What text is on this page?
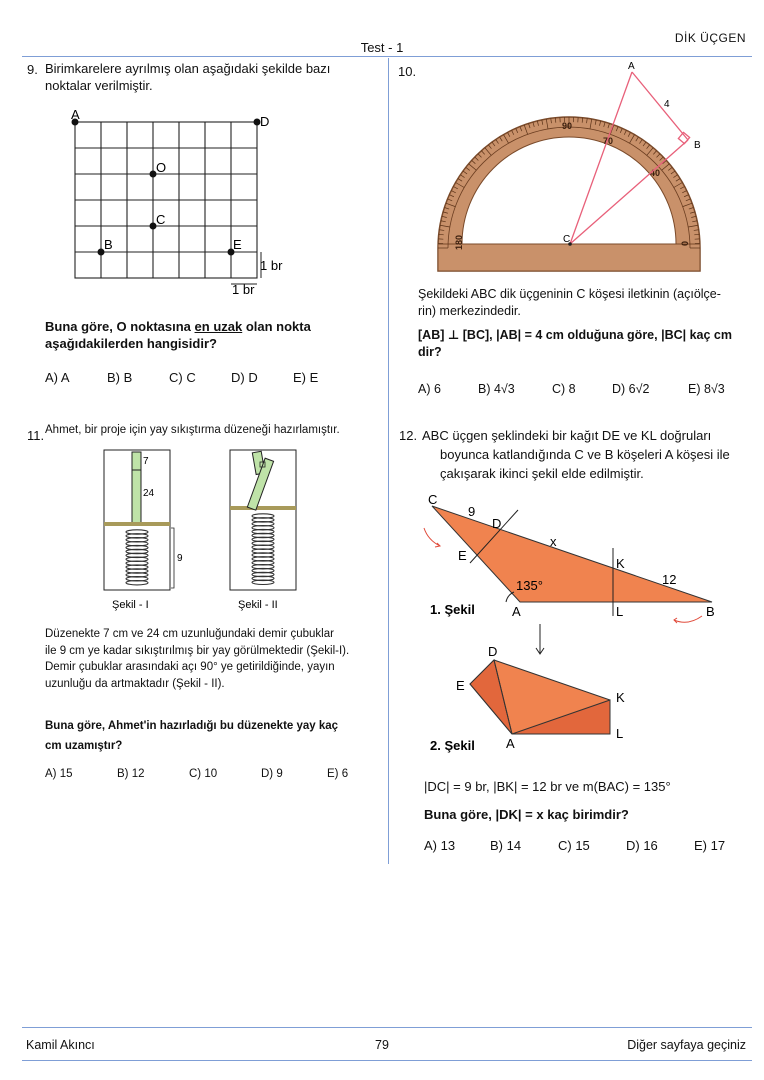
Test - 1
DİK ÜÇGEN
9. Birimkarelere ayrılmış olan aşağıdaki şekilde bazı
noktalar verilmiştir.
A	D
O
C
B	E
1 br
1 br
Buna göre, O noktasına en uzak olan nokta
aşağıdakilerden hangisidir?
A) A	B) B	C) C	D) D	E) E
10.
90
70
40
180	0
A
B
C
4
Şekildeki ABC dik üçgeninin C köşesi iletkinin (açıölçe-
rin) merkezindedir.
[AB] ⊥ [BC], |AB| = 4 cm olduğuna göre, |BC| kaç cm
dir?
A) 6	B) 4√3	C) 8	D) 6√2	E) 8√3
11. Ahmet, bir proje için yay sıkıştırma düzeneği hazırlamıştır.
7
24
9
Şekil - I	Şekil - II
Düzenekte 7 cm ve 24 cm uzunluğundaki demir çubuklar
ile 9 cm ye kadar sıkıştırılmış bir yay görülmektedir (Şekil-I).
Demir çubuklar arasındaki açı 90° ye getirildiğinde, yayın
uzunluğu da artmaktadır (Şekil - II).
Buna göre, Ahmet'in hazırladığı bu düzenekte yay kaç
cm uzamıştır?
A) 15	B) 12	C) 10	D) 9	E) 6
12. ABC üçgen şeklindeki bir kağıt DE ve KL doğruları
boyunca katlandığında C ve B köşeleri A köşesi ile
çakışarak ikinci şekil elde edilmiştir.
C
9
D
x
E
K
12
135°
A	L	B
1. Şekil
D
E
K
A
L
2. Şekil
|DC| = 9 br, |BK| = 12 br ve m(BAC) = 135°
Buna göre, |DK| = x kaç birimdir?
A) 13	B) 14	C) 15	D) 16	E) 17
Kamil Akıncı	79	Diğer sayfaya geçiniz
